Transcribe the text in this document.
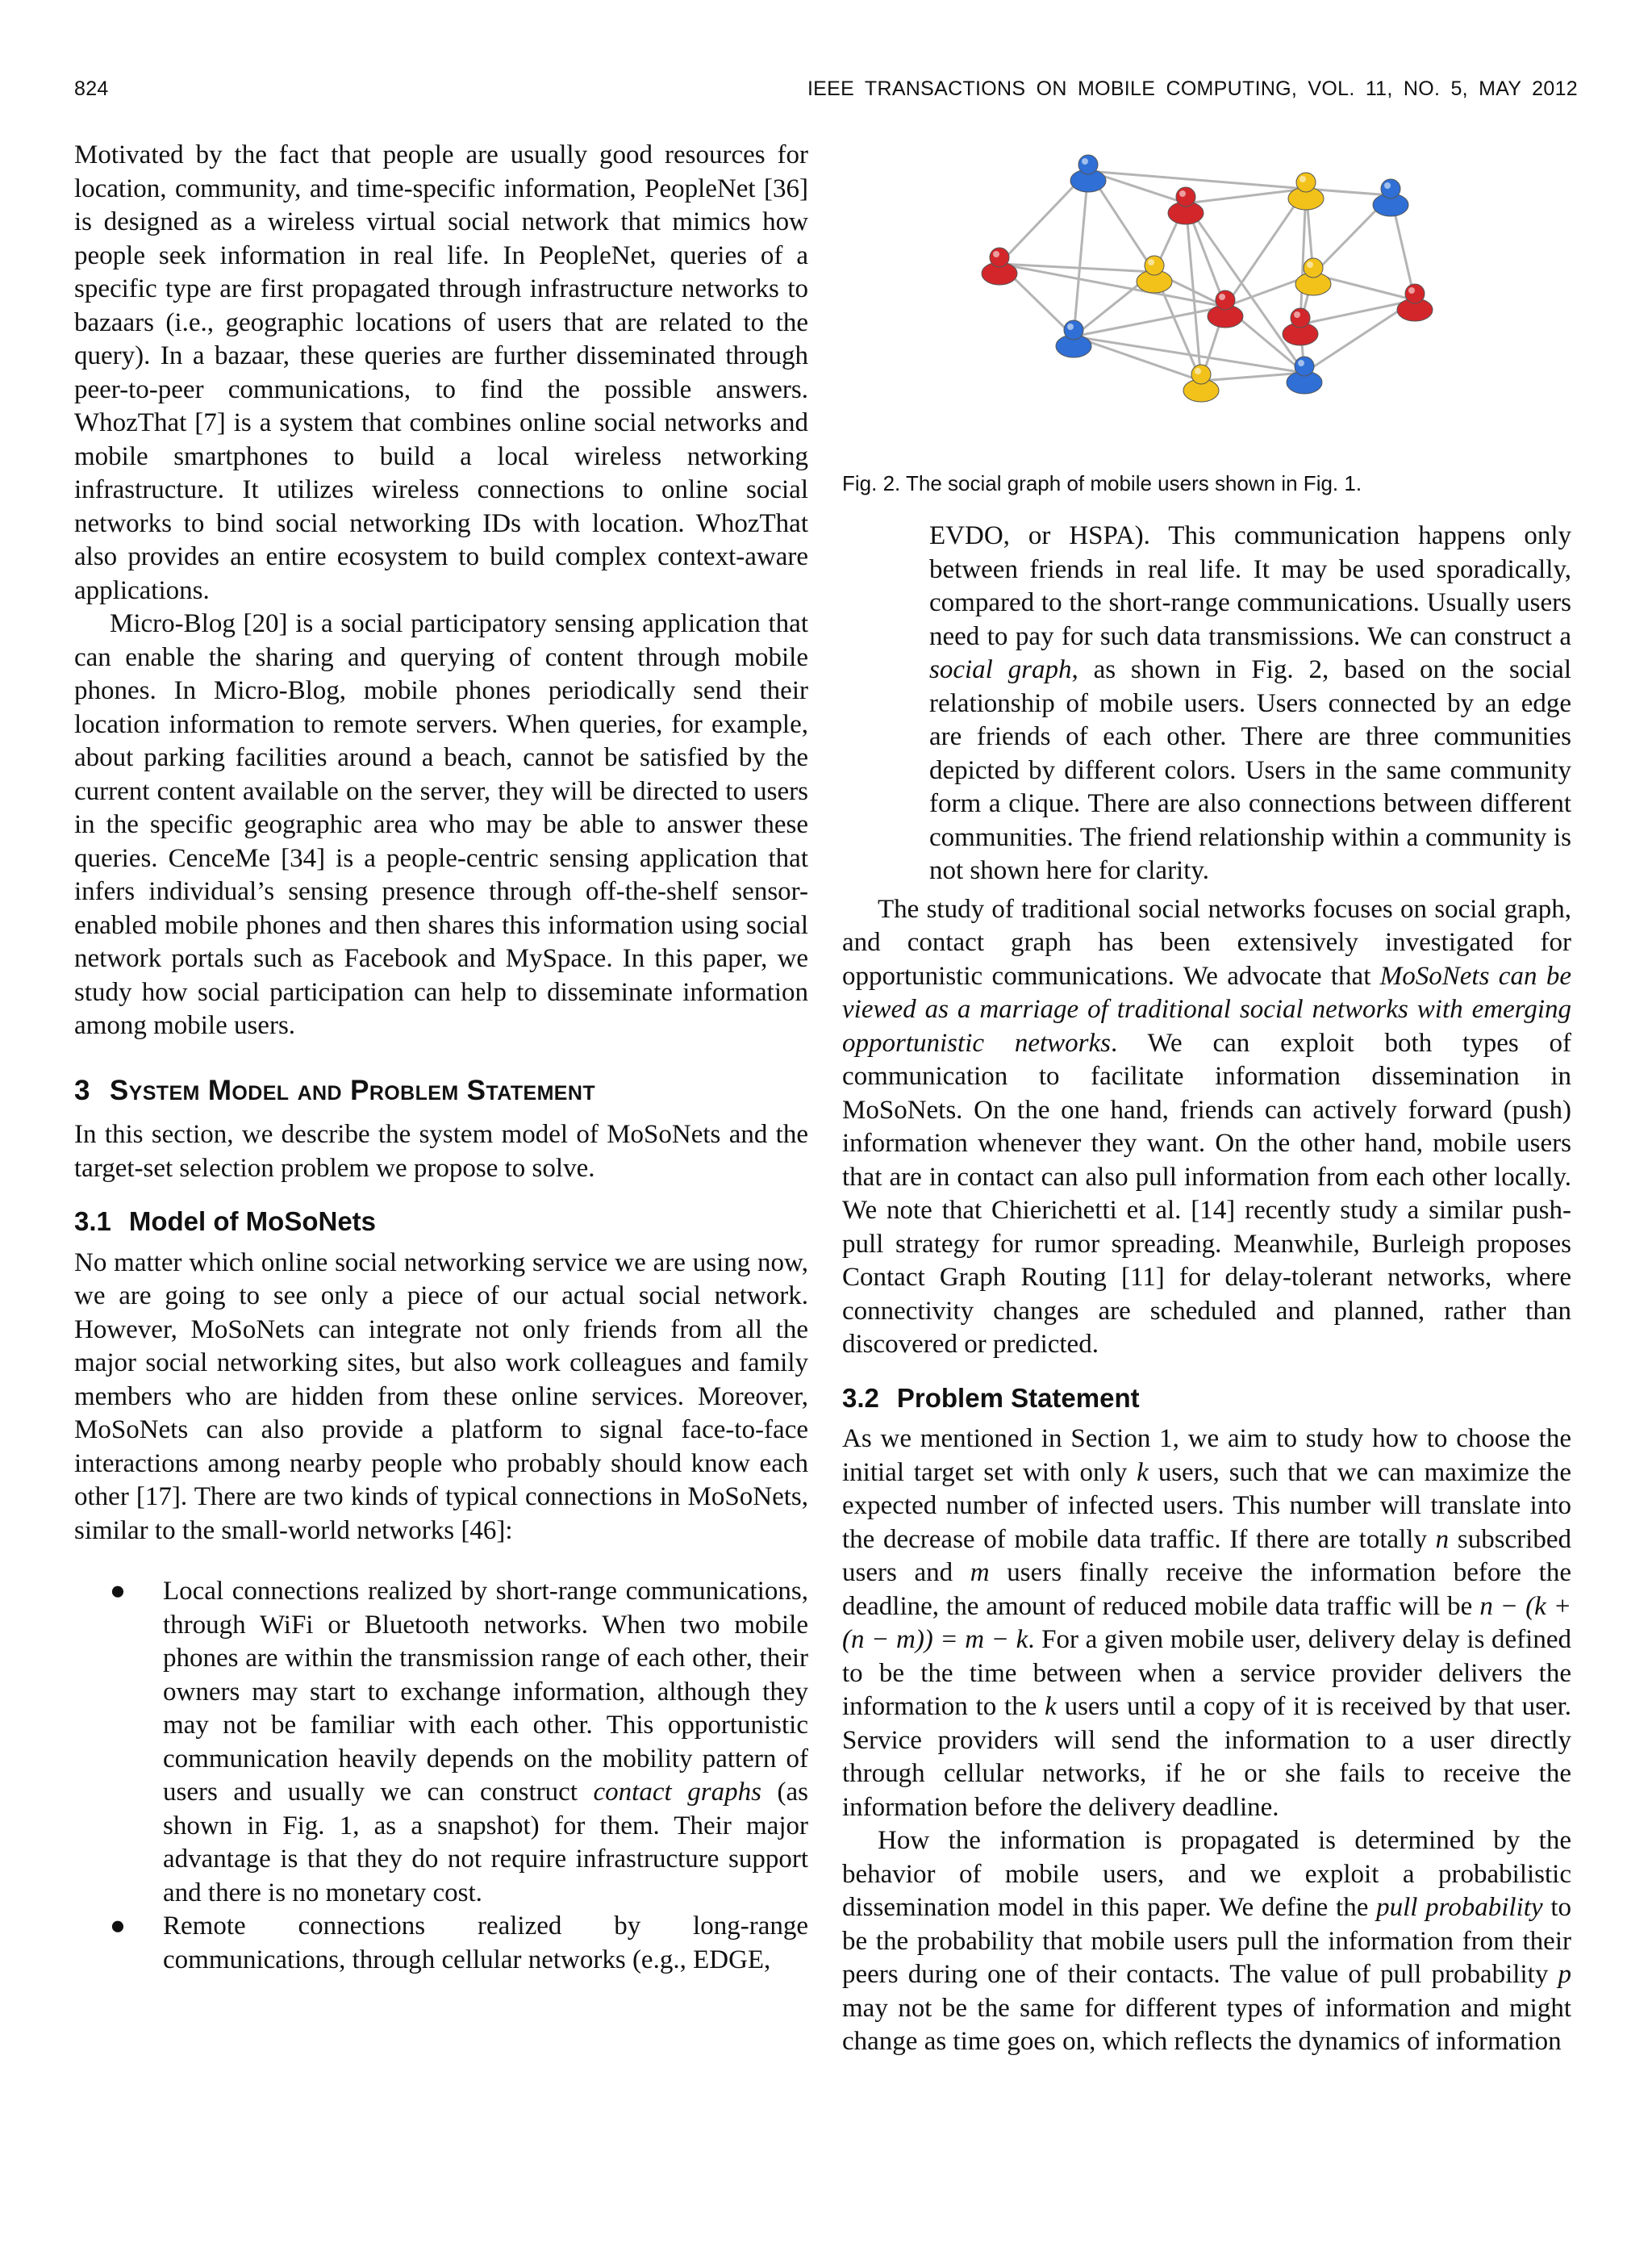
824	IEEE TRANSACTIONS ON MOBILE COMPUTING, VOL. 11, NO. 5, MAY 2012

Motivated by the fact that people are usually good resources for location, community, and time-specific information, PeopleNet [36] is designed as a wireless virtual social network that mimics how people seek information in real life. In PeopleNet, queries of a specific type are first propagated through infrastructure networks to bazaars (i.e., geographic locations of users that are related to the query). In a bazaar, these queries are further disseminated through peer-to-peer communications, to find the possible answers. WhozThat [7] is a system that combines online social networks and mobile smartphones to build a local wireless networking infrastructure. It utilizes wireless connections to online social networks to bind social networking IDs with location. WhozThat also provides an entire ecosystem to build complex context-aware applications.

Micro-Blog [20] is a social participatory sensing application that can enable the sharing and querying of content through mobile phones. In Micro-Blog, mobile phones periodically send their location information to remote servers. When queries, for example, about parking facilities around a beach, cannot be satisfied by the current content available on the server, they will be directed to users in the specific geographic area who may be able to answer these queries. CenceMe [34] is a people-centric sensing application that infers individual’s sensing presence through off-the-shelf sensor-enabled mobile phones and then shares this information using social network portals such as Facebook and MySpace. In this paper, we study how social participation can help to disseminate information among mobile users.

3 System Model and Problem Statement

In this section, we describe the system model of MoSoNets and the target-set selection problem we propose to solve.

3.1 Model of MoSoNets

No matter which online social networking service we are using now, we are going to see only a piece of our actual social network. However, MoSoNets can integrate not only friends from all the major social networking sites, but also work colleagues and family members who are hidden from these online services. Moreover, MoSoNets can also provide a platform to signal face-to-face interactions among nearby people who probably should know each other [17]. There are two kinds of typical connections in MoSoNets, similar to the small-world networks [46]:

● Local connections realized by short-range communications, through WiFi or Bluetooth networks. When two mobile phones are within the transmission range of each other, their owners may start to exchange information, although they may not be familiar with each other. This opportunistic communication heavily depends on the mobility pattern of users and usually we can construct contact graphs (as shown in Fig. 1, as a snapshot) for them. Their major advantage is that they do not require infrastructure support and there is no monetary cost.
● Remote connections realized by long-range communications, through cellular networks (e.g., EDGE,
Fig. 2. The social graph of mobile users shown in Fig. 1.

EVDO, or HSPA). This communication happens only between friends in real life. It may be used sporadically, compared to the short-range communications. Usually users need to pay for such data transmissions. We can construct a social graph, as shown in Fig. 2, based on the social relationship of mobile users. Users connected by an edge are friends of each other. There are three communities depicted by different colors. Users in the same community form a clique. There are also connections between different communities. The friend relationship within a community is not shown here for clarity.

The study of traditional social networks focuses on social graph, and contact graph has been extensively investigated for opportunistic communications. We advocate that MoSoNets can be viewed as a marriage of traditional social networks with emerging opportunistic networks. We can exploit both types of communication to facilitate information dissemination in MoSoNets. On the one hand, friends can actively forward (push) information whenever they want. On the other hand, mobile users that are in contact can also pull information from each other locally. We note that Chierichetti et al. [14] recently study a similar push-pull strategy for rumor spreading. Meanwhile, Burleigh proposes Contact Graph Routing [11] for delay-tolerant networks, where connectivity changes are scheduled and planned, rather than discovered or predicted.

3.2 Problem Statement

As we mentioned in Section 1, we aim to study how to choose the initial target set with only k users, such that we can maximize the expected number of infected users. This number will translate into the decrease of mobile data traffic. If there are totally n subscribed users and m users finally receive the information before the deadline, the amount of reduced mobile data traffic will be n − (k + (n − m)) = m − k. For a given mobile user, delivery delay is defined to be the time between when a service provider delivers the information to the k users until a copy of it is received by that user. Service providers will send the information to a user directly through cellular networks, if he or she fails to receive the information before the delivery deadline.

How the information is propagated is determined by the behavior of mobile users, and we exploit a probabilistic dissemination model in this paper. We define the pull probability to be the probability that mobile users pull the information from their peers during one of their contacts. The value of pull probability p may not be the same for different types of information and might change as time goes on, which reflects the dynamics of information
